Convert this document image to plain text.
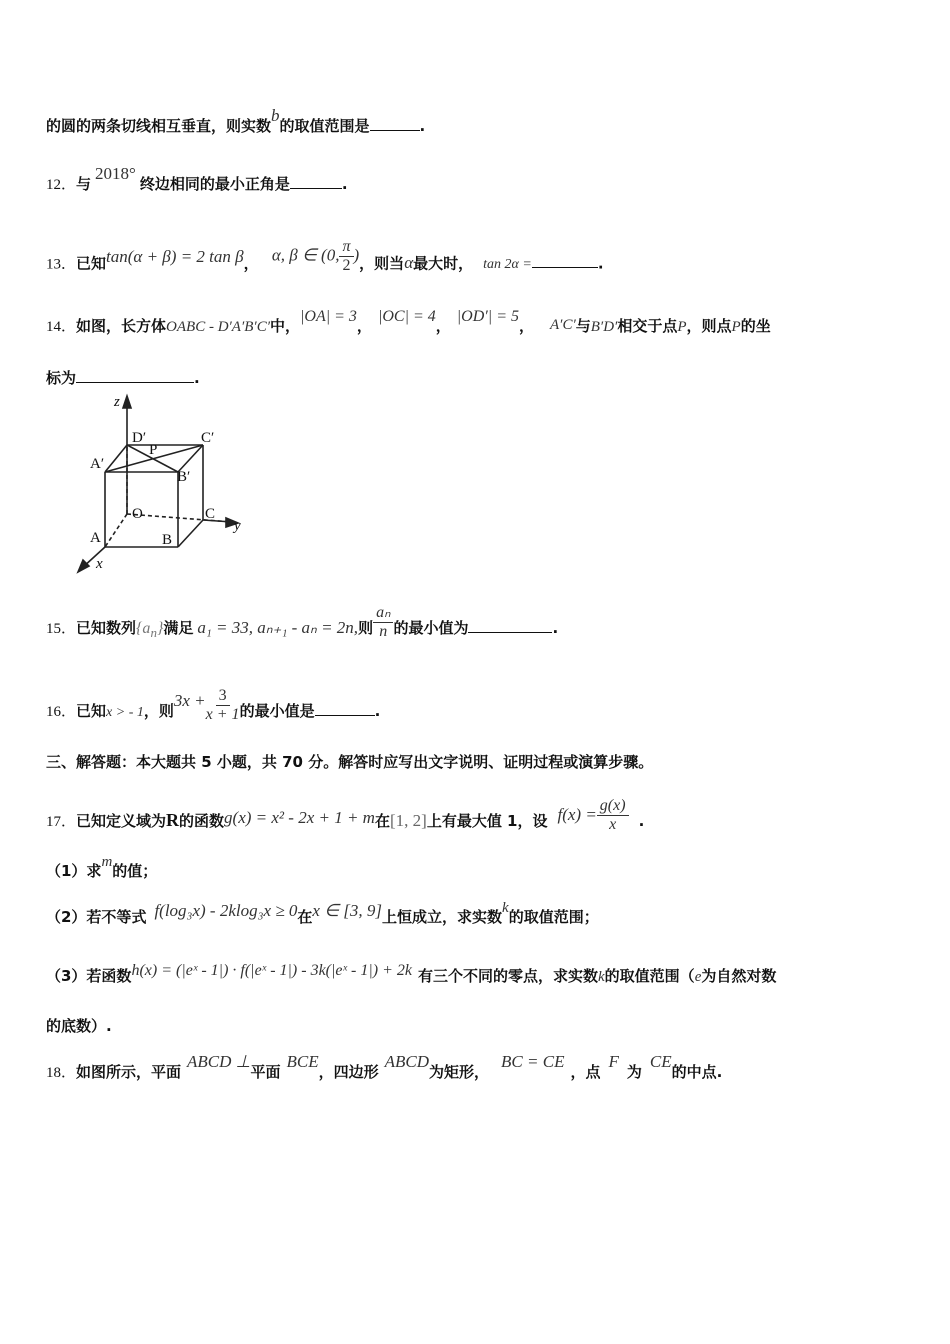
的圆的两条切线相互垂直，则实数b的取值范围是	.
12．与2018°终边相同的最小正角是	.
13．已知tan(α + β) = 2 tan β， α, β ∈ (0, $\frac{\pi}{2}$ )，则当α最大时， tan 2α =	.
14．如图，长方体OABC - D′A′B′C′中，|OA| = 3，|OC| = 4，|OD′| = 5， A′C′与B′D′相交于点P，则点P的坐
标为	.
z
y
x
O
A	B
C
A′
B′
C′
D′
P
15．已知数列$\{a_n\}$满足 a₁ = 33, aₙ₊₁ - aₙ = 2n,则 $\frac{\text{aₙ}}{n}$ 的最小值为	.
16．已知x > - 1，则$3x + \frac{3}{x + 1}$ 的最小值是	.
三、解答题：本大题共 5 小题，共 70 分。解答时应写出文字说明、证明过程或演算步骤。
17．已知定义域为R的函数g(x) = x² - 2x + 1 + m在[1, 2]上有最大值 1，设 $f(x) = \frac{g(x)}{x}$ .
（1）求m的值；
（2）若不等式 f(log₃x) - 2klog₃x ≥ 0在x ∈ [3, 9]上恒成立，求实数k的取值范围；
（3）若函数h(x) = (|eˣ - 1|) · f(|eˣ - 1|) - 3k(|eˣ - 1|) + 2k 有三个不同的零点，求实数k的取值范围（e为自然对数
的底数）.
18．如图所示，平面ABCD ⊥平面BCE，四边形ABCD为矩形，BC = CE，点F为CE的中点.
